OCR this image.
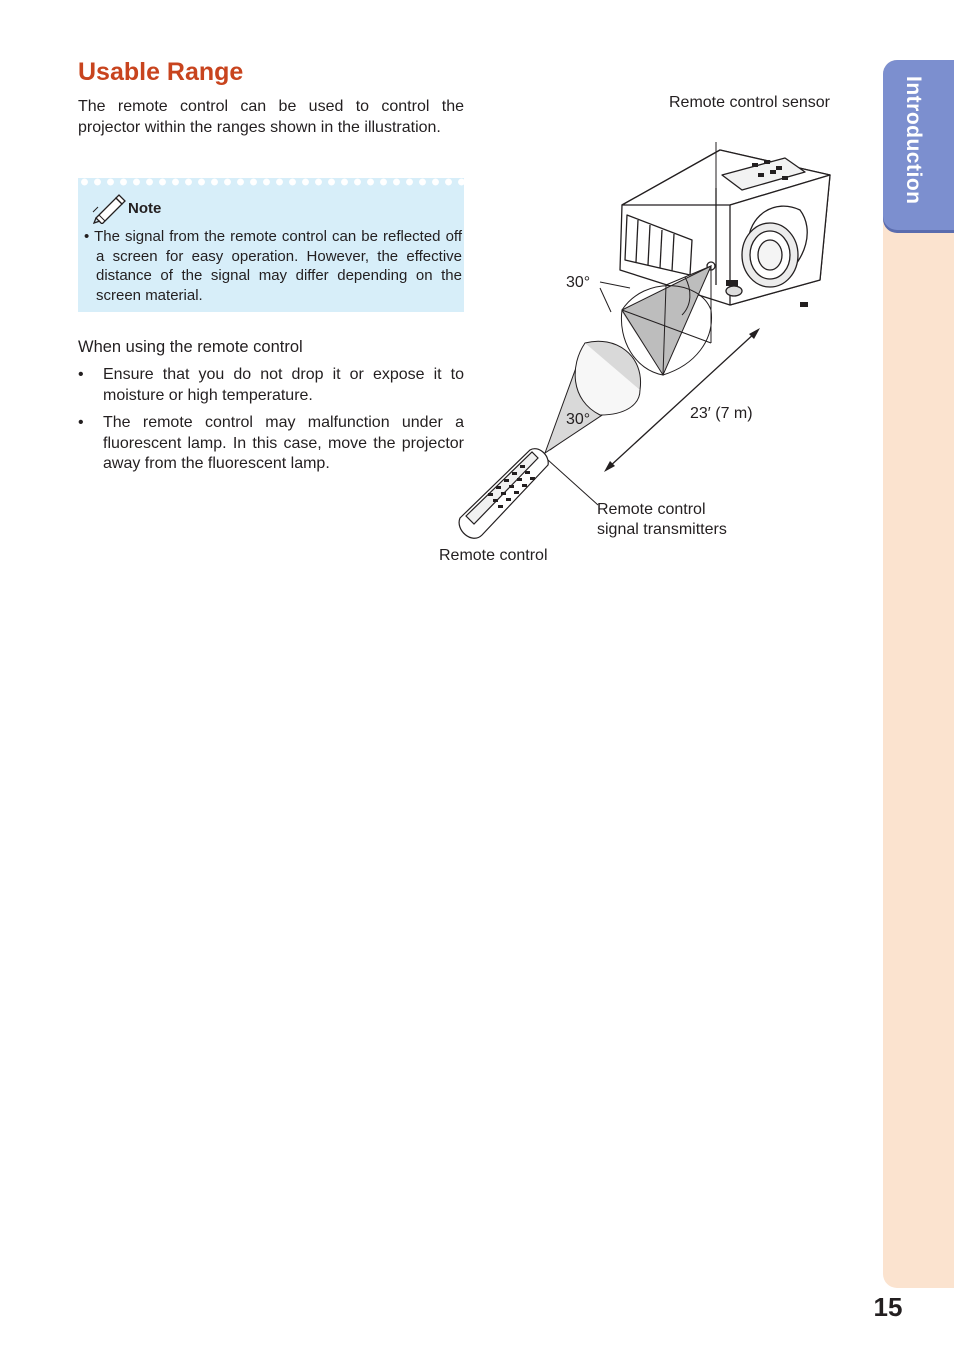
Introduction
15
Usable Range

The remote control can be used to control the projector within the ranges shown in the illustration.

Note

• The signal from the remote control can be reflected off a screen for easy operation. However, the effective distance of the signal may differ depending on the screen material.

When using the remote control
• Ensure that you do not drop it or expose it to moisture or high temperature.
• The remote control may malfunction under a fluorescent lamp. In this case, move the projector away from the fluorescent lamp.
Remote control sensor
30°
30°	23′ (7 m)
Remote control
signal transmitters
Remote control
